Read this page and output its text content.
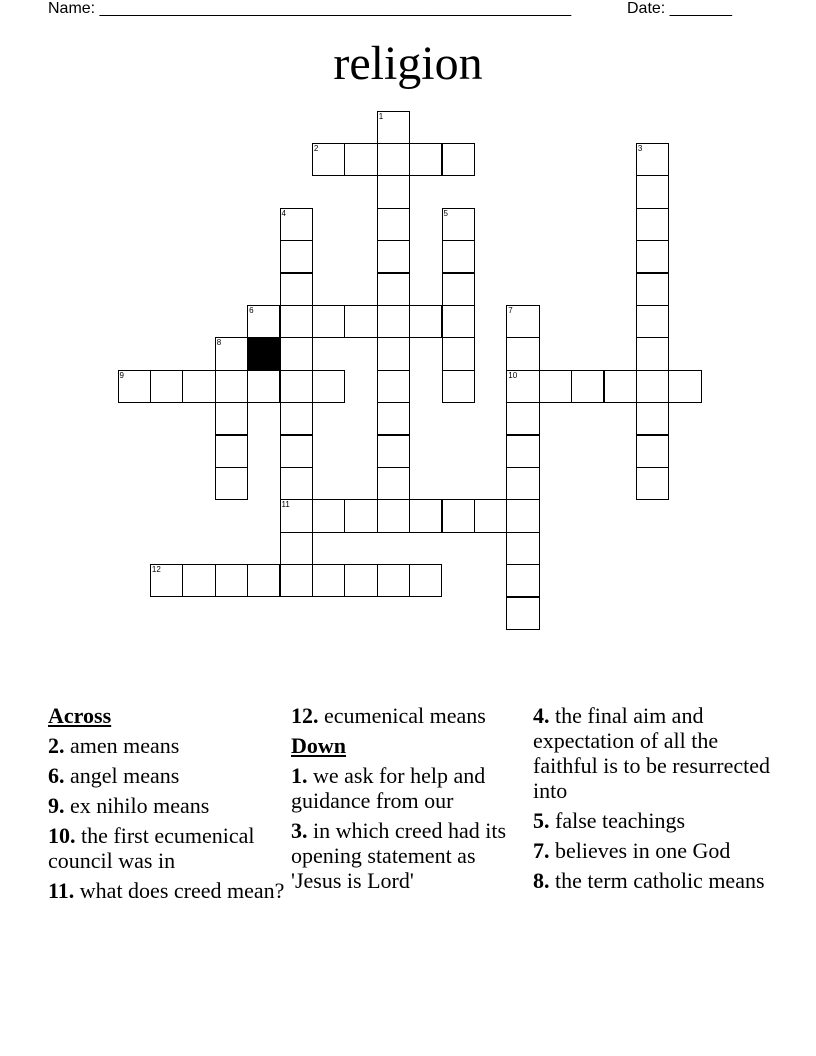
Name: _____________________________________________________	Date: _______
religion
1
2	3
4
11
5
6	7
10
8
9
12
Across
2. amen means
6. angel means
9. ex nihilo means
10. the first ecumenical council was in
11. what does creed mean?
12. ecumenical means
Down
1. we ask for help and guidance from our
3. in which creed had its opening statement as 'Jesus is Lord'
4. the final aim and expectation of all the faithful is to be resurrected into
5. false teachings
7. believes in one God
8. the term catholic means
